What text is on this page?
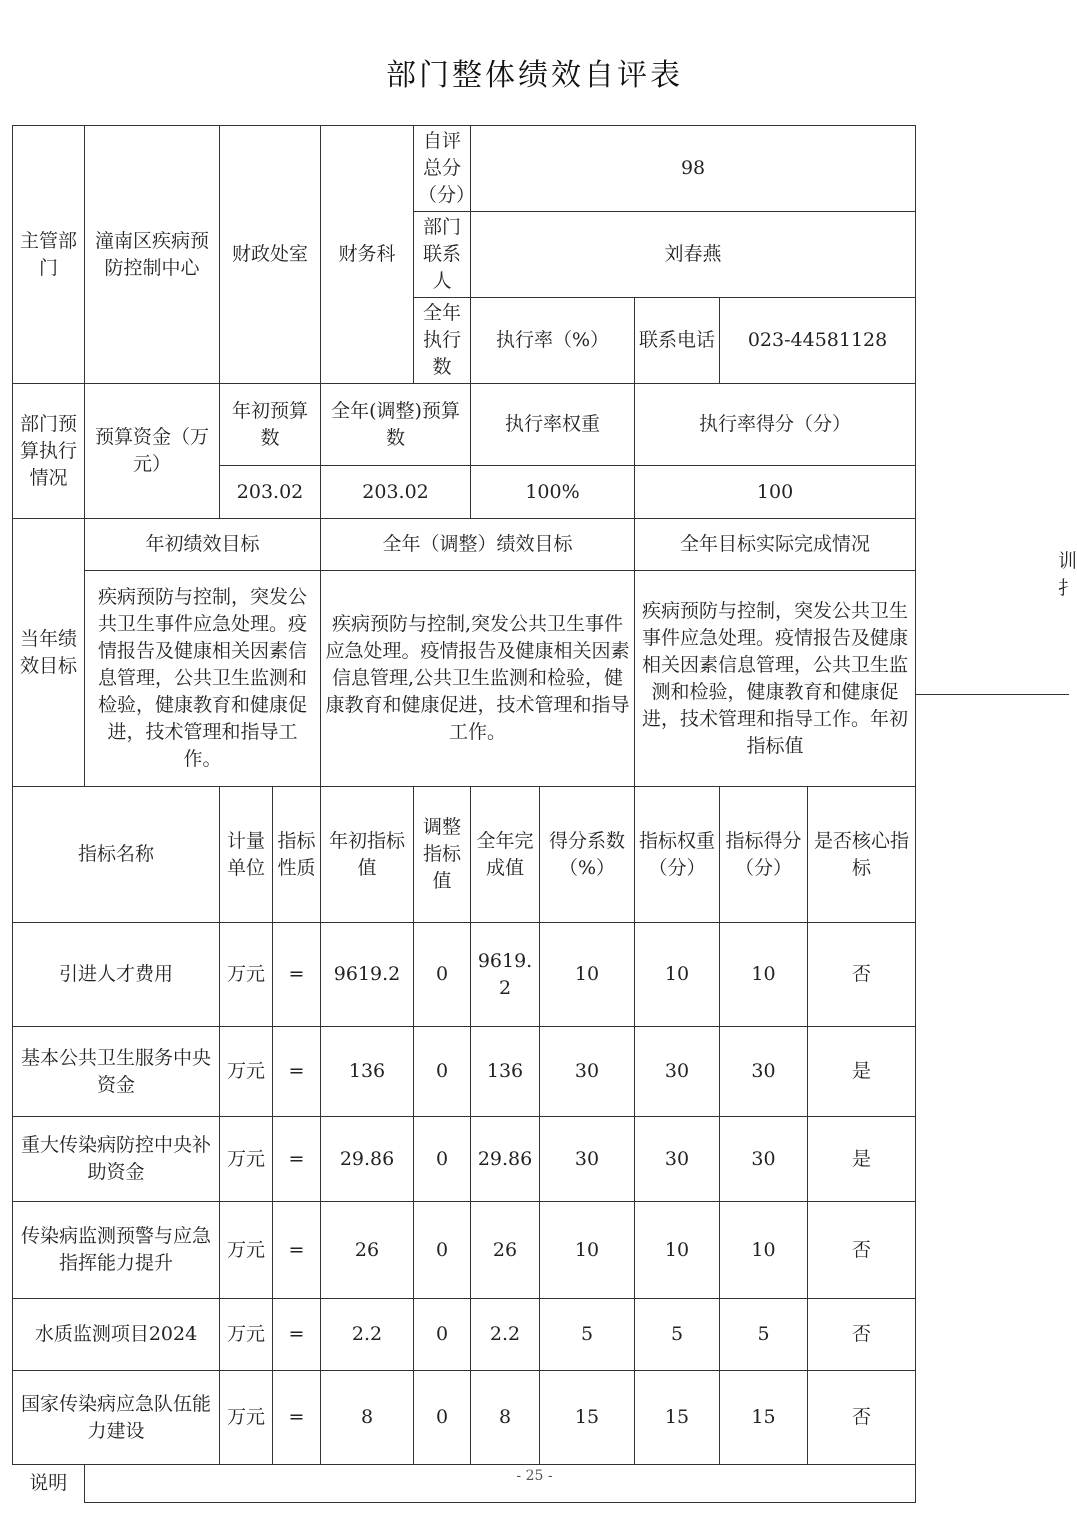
部门整体绩效自评表
主管部门	潼南区疾病预防控制中心	财政处室		财务科	自评总分（分）	98				
					部门联系人	刘春燕				
					全年执行数	执行率（%）		联系电话	023-44581128	
部门预算执行情况	预算资金（万元）	年初预算数		全年(调整)预算数		执行率权重		执行率得分（分）		
		203.02		203.02		100%		100		
当年绩效目标	年初绩效目标			全年（调整）绩效目标				全年目标实际完成情况		
	疾病预防与控制，突发公共卫生事件应急处理。疫情报告及健康相关因素信息管理，公共卫生监测和检验，健康教育和健康促进，技术管理和指导工作。			疾病预防与控制,突发公共卫生事件应急处理。疫情报告及健康相关因素信息管理,公共卫生监测和检验，健康教育和健康促进，技术管理和指导工作。				疾病预防与控制，突发公共卫生事件应急处理。疫情报告及健康相关因素信息管理，公共卫生监测和检验，健康教育和健康促进，技术管理和指导工作。年初指标值		
指标名称		计量单位	指标性质	年初指标值	调整指标值	全年完成值	得分系数（%）	指标权重（分）	指标得分（分）	是否核心指标
引进人才费用		万元	=	9619.2	0	9619.2	10	10	10	否
基本公共卫生服务中央资金		万元	=	136	0	136	30	30	30	是
重大传染病防控中央补助资金		万元	=	29.86	0	29.86	30	30	30	是
传染病监测预警与应急指挥能力提升		万元	=	26	0	26	10	10	10	否
水质监测项目2024		万元	=	2.2	0	2.2	5	5	5	否
国家传染病应急队伍能力建设		万元	=	8	0	8	15	15	15	否
说明										
训
扌
- 25 -
